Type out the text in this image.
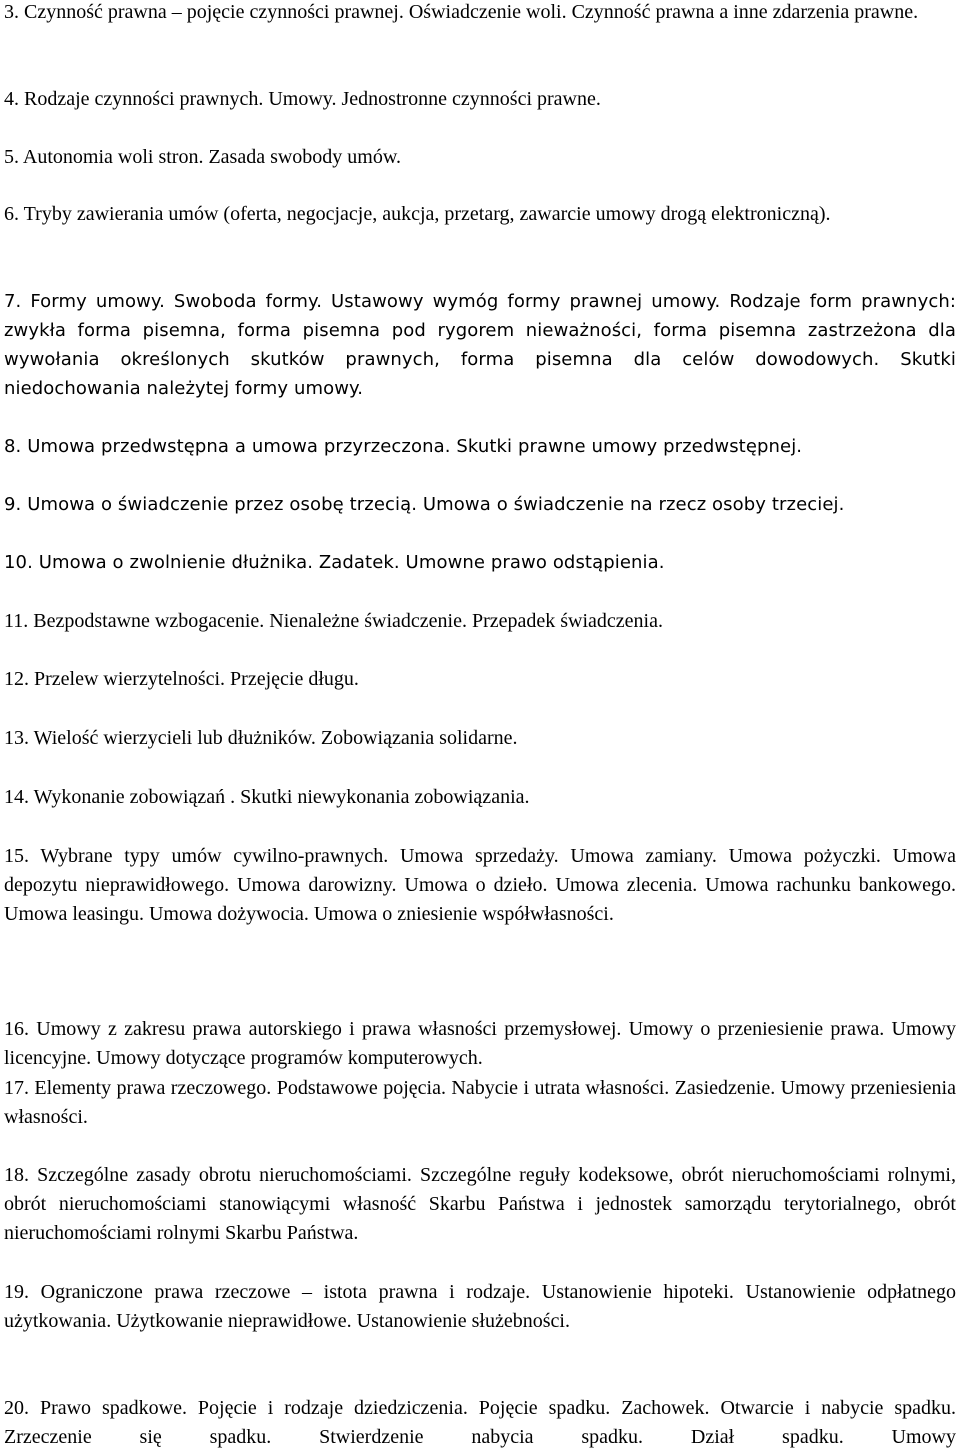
3. Czynność prawna – pojęcie czynności prawnej. Oświadczenie woli. Czynność prawna a inne zdarzenia prawne.

4. Rodzaje czynności prawnych. Umowy. Jednostronne czynności prawne.

5. Autonomia woli stron. Zasada swobody umów.

6. Tryby zawierania umów (oferta, negocjacje, aukcja, przetarg, zawarcie umowy drogą elektroniczną).

7. Formy umowy. Swoboda formy. Ustawowy wymóg formy prawnej umowy. Rodzaje form prawnych: zwykła forma pisemna, forma pisemna pod rygorem nieważności, forma pisemna zastrzeżona dla wywołania określonych skutków prawnych, forma pisemna dla celów dowodowych. Skutki niedochowania należytej formy umowy.

8. Umowa przedwstępna a umowa przyrzeczona. Skutki prawne umowy przedwstępnej.

9. Umowa o świadczenie przez osobę trzecią. Umowa o świadczenie na rzecz osoby trzeciej.

10. Umowa o zwolnienie dłużnika. Zadatek. Umowne prawo odstąpienia.

11. Bezpodstawne wzbogacenie. Nienależne świadczenie. Przepadek świadczenia.

12. Przelew wierzytelności. Przejęcie długu.

13. Wielość wierzycieli lub dłużników. Zobowiązania solidarne.

14. Wykonanie zobowiązań . Skutki niewykonania zobowiązania.

15. Wybrane typy umów cywilno-prawnych. Umowa sprzedaży. Umowa zamiany. Umowa pożyczki. Umowa depozytu nieprawidłowego. Umowa darowizny. Umowa o dzieło. Umowa zlecenia. Umowa rachunku bankowego. Umowa leasingu. Umowa dożywocia. Umowa o zniesienie współwłasności.

16. Umowy z zakresu prawa autorskiego i prawa własności przemysłowej. Umowy o przeniesienie prawa. Umowy licencyjne. Umowy dotyczące programów komputerowych.

17. Elementy prawa rzeczowego. Podstawowe pojęcia. Nabycie i utrata własności. Zasiedzenie. Umowy przeniesienia własności.

18. Szczególne zasady obrotu nieruchomościami. Szczególne reguły kodeksowe, obrót nieruchomościami rolnymi, obrót nieruchomościami stanowiącymi własność Skarbu Państwa i jednostek samorządu terytorialnego, obrót nieruchomościami rolnymi Skarbu Państwa.

19. Ograniczone prawa rzeczowe – istota prawna i rodzaje. Ustanowienie hipoteki. Ustanowienie odpłatnego użytkowania. Użytkowanie nieprawidłowe. Ustanowienie służebności.

20. Prawo spadkowe. Pojęcie i rodzaje dziedziczenia. Pojęcie spadku. Zachowek. Otwarcie i nabycie spadku. Zrzeczenie się spadku. Stwierdzenie nabycia spadku. Dział spadku. Umowy
